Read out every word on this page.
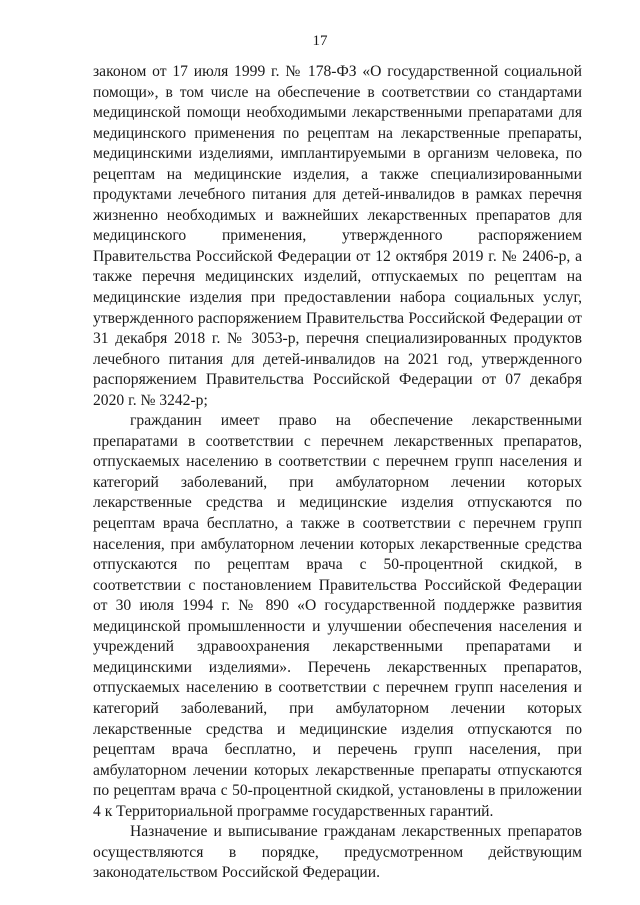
17

законом от 17 июля 1999 г. № 178-ФЗ «О государственной социальной помощи», в том числе на обеспечение в соответствии со стандартами медицинской помощи необходимыми лекарственными препаратами для медицинского применения по рецептам на лекарственные препараты, медицинскими изделиями, имплантируемыми в организм человека, по рецептам на медицинские изделия, а также специализированными продуктами лечебного питания для детей-инвалидов в рамках перечня жизненно необходимых и важнейших лекарственных препаратов для медицинского применения, утвержденного распоряжением Правительства Российской Федерации от 12 октября 2019 г. № 2406-р, а также перечня медицинских изделий, отпускаемых по рецептам на медицинские изделия при предоставлении набора социальных услуг, утвержденного распоряжением Правительства Российской Федерации от 31 декабря 2018 г. № 3053-р, перечня специализированных продуктов лечебного питания для детей-инвалидов на 2021 год, утвержденного распоряжением Правительства Российской Федерации от 07 декабря 2020 г. № 3242-р;

гражданин имеет право на обеспечение лекарственными препаратами в соответствии с перечнем лекарственных препаратов, отпускаемых населению в соответствии с перечнем групп населения и категорий заболеваний, при амбулаторном лечении которых лекарственные средства и медицинские изделия отпускаются по рецептам врача бесплатно, а также в соответствии с перечнем групп населения, при амбулаторном лечении которых лекарственные средства отпускаются по рецептам врача с 50-процентной скидкой, в соответствии с постановлением Правительства Российской Федерации от 30 июля 1994 г. № 890 «О государственной поддержке развития медицинской промышленности и улучшении обеспечения населения и учреждений здравоохранения лекарственными препаратами и медицинскими изделиями». Перечень лекарственных препаратов, отпускаемых населению в соответствии с перечнем групп населения и категорий заболеваний, при амбулаторном лечении которых лекарственные средства и медицинские изделия отпускаются по рецептам врача бесплатно, и перечень групп населения, при амбулаторном лечении которых лекарственные препараты отпускаются по рецептам врача с 50-процентной скидкой, установлены в приложении 4 к Территориальной программе государственных гарантий.

Назначение и выписывание гражданам лекарственных препаратов осуществляются в порядке, предусмотренном действующим законодательством Российской Федерации.
